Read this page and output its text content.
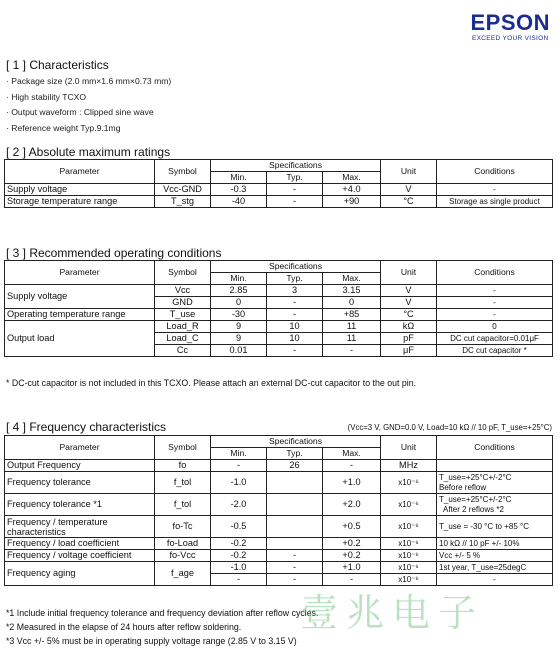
EPSON
EXCEED YOUR VISION
[ 1 ] Characteristics
· Package size (2.0 mm×1.6 mm×0.73 mm)
· High stability TCXO
· Output waveform : Clipped sine wave
· Reference weight Typ.9.1mg
[ 2 ] Absolute maximum ratings
Parameter	Symbol	Specifications			Unit	Conditions
		Min.	Typ.	Max.		
Supply voltage	Vcc-GND	-0.3	-	+4.0	V	-
Storage temperature range	T_stg	-40	-	+90	°C	Storage as single product
[ 3 ] Recommended operating conditions
Parameter	Symbol	Specifications			Unit	Conditions
		Min.	Typ.	Max.		
Supply voltage	Vcc	2.85	3	3.15	V	-
	GND	0	-	0	V	-
Operating temperature range	T_use	-30	-	+85	°C	-
Output load	Load_R	9	10	11	kΩ	0
	Load_C	9	10	11	pF	DC cut capacitor=0.01μF
	Cc	0.01	-	-	μF	DC cut capacitor *
* DC-cut capacitor is not included in this TCXO. Please attach an external DC-cut capacitor to the out pin.
[ 4 ] Frequency characteristics	(Vcc=3 V, GND=0.0 V, Load=10 kΩ // 10 pF, T_use=+25°C)
Parameter	Symbol	Specifications			Unit	Conditions
		Min.	Typ.	Max.		
Output Frequency	fo	-	26	-	MHz	
Frequency tolerance	f_tol	-1.0		+1.0	x10⁻⁶	T_use=+25°C+/-2°C
Before reflow

Frequency tolerance *1	f_tol	-2.0		+2.0	x10⁻⁶	T_use=+25°C+/-2°C
After 2 reflows *2

Frequency / temperature
characteristics	fo-Tc	-0.5		+0.5	x10⁻⁶	T_use = -30 °C to +85 °C
Frequency / load coefficient	fo-Load	-0.2		+0.2	x10⁻⁶	10 kΩ // 10 pF +/- 10%
Frequency / voltage coefficient	fo-Vcc	-0.2	-	+0.2	x10⁻⁶	Vcc +/- 5 %
Frequency aging	f_age	-1.0	-	+1.0	x10⁻⁶	1st year, T_use=25degC
		-	-	-	x10⁻⁶	-
*1 Include initial frequency tolerance and frequency deviation after reflow cycles.
*2 Measured in the elapse of 24 hours after reflow soldering.
*3 Vcc +/- 5% must be in operating supply voltage range (2.85 V to 3.15 V)
壹兆电子
